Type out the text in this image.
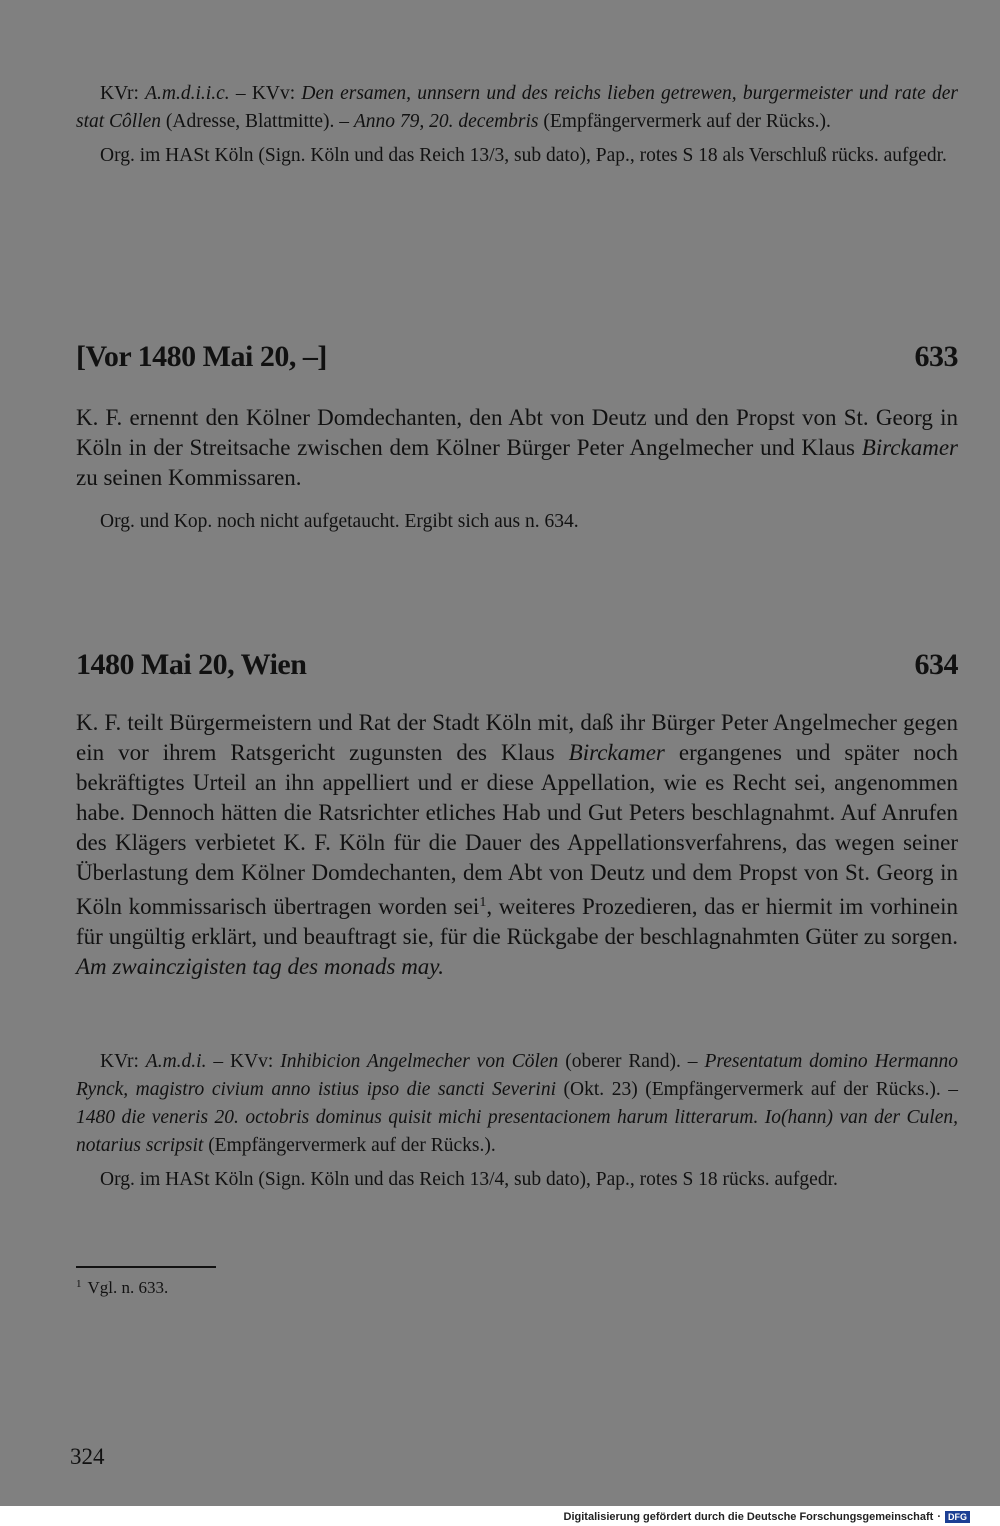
KVr: A.m.d.i.i.c. – KVv: Den ersamen, unnsern und des reichs lieben getrewen, burgermeister und rate der stat Côllen (Adresse, Blattmitte). – Anno 79, 20. decembris (Empfängervermerk auf der Rücks.).

Org. im HASt Köln (Sign. Köln und das Reich 13/3, sub dato), Pap., rotes S 18 als Verschluß rücks. aufgedr.

[Vor 1480 Mai 20, –]	633

K. F. ernennt den Kölner Domdechanten, den Abt von Deutz und den Propst von St. Georg in Köln in der Streitsache zwischen dem Kölner Bürger Peter Angelmecher und Klaus Birckamer zu seinen Kommissaren.

Org. und Kop. noch nicht aufgetaucht. Ergibt sich aus n. 634.

1480 Mai 20, Wien	634

K. F. teilt Bürgermeistern und Rat der Stadt Köln mit, daß ihr Bürger Peter Angelmecher gegen ein vor ihrem Ratsgericht zugunsten des Klaus Birckamer ergangenes und später noch bekräftigtes Urteil an ihn appelliert und er diese Appellation, wie es Recht sei, angenommen habe. Dennoch hätten die Ratsrichter etliches Hab und Gut Peters beschlagnahmt. Auf Anrufen des Klägers verbietet K. F. Köln für die Dauer des Appellationsverfahrens, das wegen seiner Überlastung dem Kölner Domdechanten, dem Abt von Deutz und dem Propst von St. Georg in Köln kommissarisch übertragen worden sei$^1$, weiteres Prozedieren, das er hiermit im vorhinein für ungültig erklärt, und beauftragt sie, für die Rückgabe der beschlagnahmten Güter zu sorgen. Am zwainczigisten tag des monads may.

KVr: A.m.d.i. – KVv: Inhibicion Angelmecher von Cölen (oberer Rand). – Presentatum domino Hermanno Rynck, magistro civium anno istius ipso die sancti Severini (Okt. 23) (Empfängervermerk auf der Rücks.). – 1480 die veneris 20. octobris dominus quisit michi presentacionem harum litterarum. Io(hann) van der Culen, notarius scripsit (Empfängervermerk auf der Rücks.).

Org. im HASt Köln (Sign. Köln und das Reich 13/4, sub dato), Pap., rotes S 18 rücks. aufgedr.

$^1$ Vgl. n. 633.
324
Digitalisierung gefördert durch die Deutsche Forschungsgemeinschaft · DFG
